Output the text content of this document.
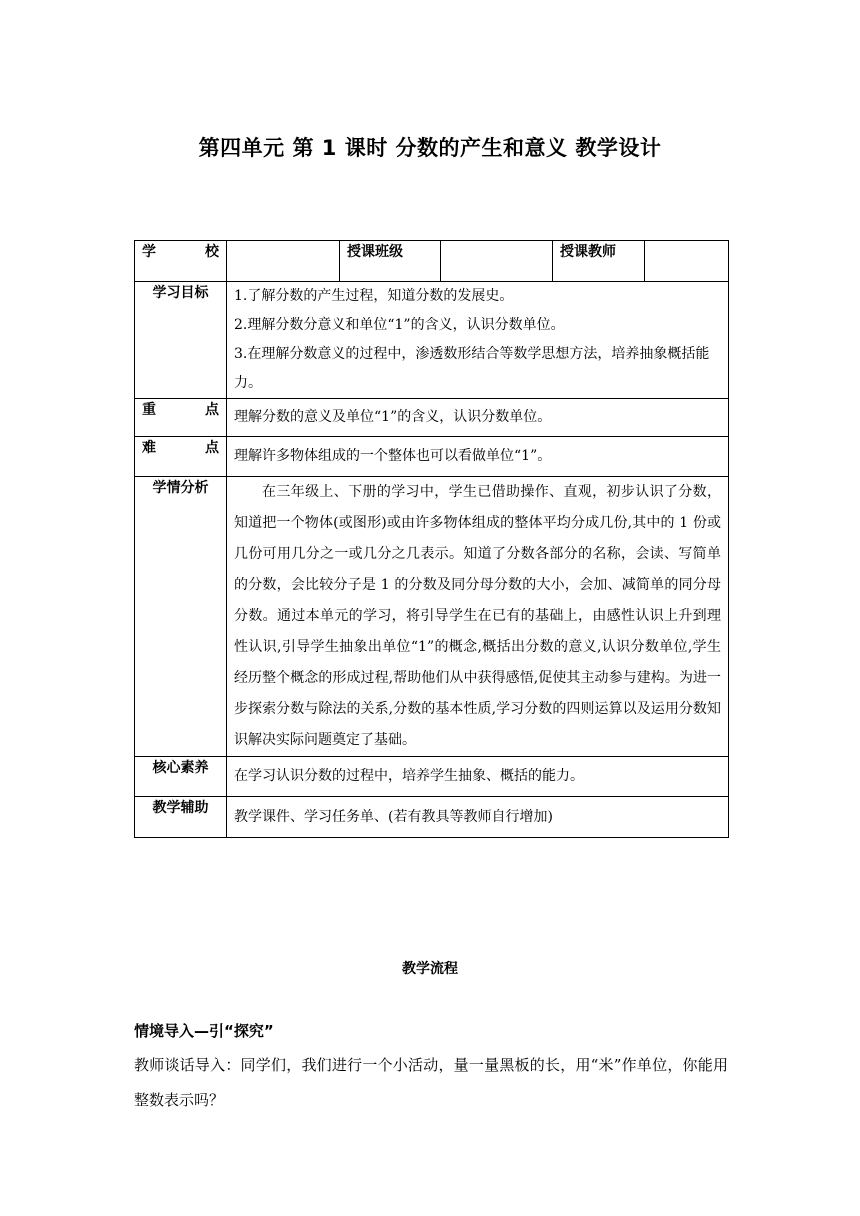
第四单元 第 1 课时 分数的产生和意义 教学设计
学 校		授课班级		授课教师	
学习目标	1.了解分数的产生过程，知道分数的发展史。
2.理解分数分意义和单位“1”的含义，认识分数单位。
3.在理解分数意义的过程中，渗透数形结合等数学思想方法，培养抽象概括能力。				

重 点	理解分数的意义及单位“1”的含义，认识分数单位。				

难 点	理解许多物体组成的一个整体也可以看做单位“1”。				
学情分析	在三年级上、下册的学习中，学生已借助操作、直观，初步认识了分数，知道把一个物体(或图形)或由许多物体组成的整体平均分成几份,其中的 1 份或几份可用几分之一或几分之几表示。知道了分数各部分的名称，会读、写简单的分数，会比较分子是 1 的分数及同分母分数的大小，会加、减简单的同分母分数。通过本单元的学习，将引导学生在已有的基础上，由感性认识上升到理性认识,引导学生抽象出单位“1”的概念,概括出分数的意义,认识分数单位,学生经历整个概念的形成过程,帮助他们从中获得感悟,促使其主动参与建构。为进一步探索分数与除法的关系,分数的基本性质,学习分数的四则运算以及运用分数知识解决实际问题奠定了基础。				
核心素养	在学习认识分数的过程中，培养学生抽象、概括的能力。				
教学辅助	教学课件、学习任务单、(若有教具等教师自行增加)				
教学流程
情境导入—引“探究”
教师谈话导入：同学们，我们进行一个小活动，量一量黑板的长，用“米”作单位，你能用整数表示吗？
